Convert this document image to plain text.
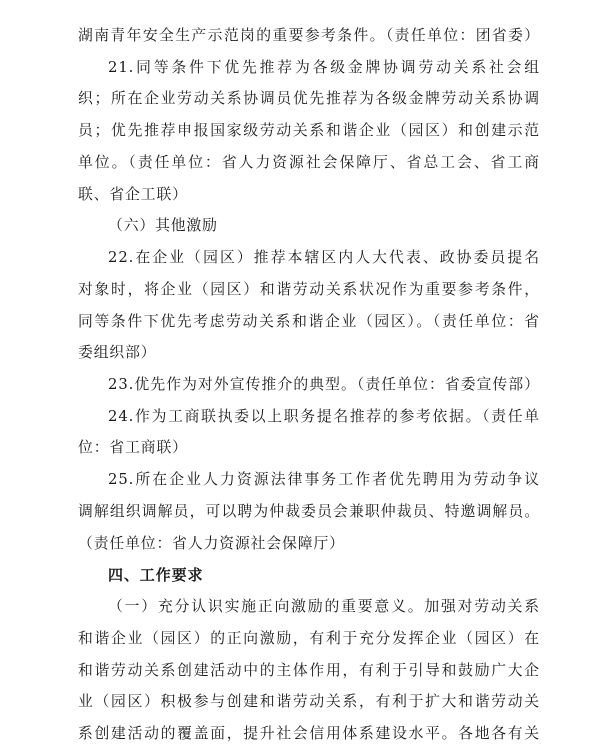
湖南青年安全生产示范岗的重要参考条件。（责任单位：团省委）
21.同等条件下优先推荐为各级金牌协调劳动关系社会组
织；所在企业劳动关系协调员优先推荐为各级金牌劳动关系协调
员；优先推荐申报国家级劳动关系和谐企业（园区）和创建示范
单位。（责任单位：省人力资源社会保障厅、省总工会、省工商
联、省企工联）
（六）其他激励
22.在企业（园区）推荐本辖区内人大代表、政协委员提名
对象时，将企业（园区）和谐劳动关系状况作为重要参考条件，
同等条件下优先考虑劳动关系和谐企业（园区）。（责任单位：省
委组织部）
23.优先作为对外宣传推介的典型。（责任单位：省委宣传部）
24.作为工商联执委以上职务提名推荐的参考依据。（责任单
位：省工商联）
25.所在企业人力资源法律事务工作者优先聘用为劳动争议
调解组织调解员，可以聘为仲裁委员会兼职仲裁员、特邀调解员。
（责任单位：省人力资源社会保障厅）
四、工作要求
（一）充分认识实施正向激励的重要意义。加强对劳动关系
和谐企业（园区）的正向激励，有利于充分发挥企业（园区）在
和谐劳动关系创建活动中的主体作用，有利于引导和鼓励广大企
业（园区）积极参与创建和谐劳动关系，有利于扩大和谐劳动关
系创建活动的覆盖面，提升社会信用体系建设水平。各地各有关
